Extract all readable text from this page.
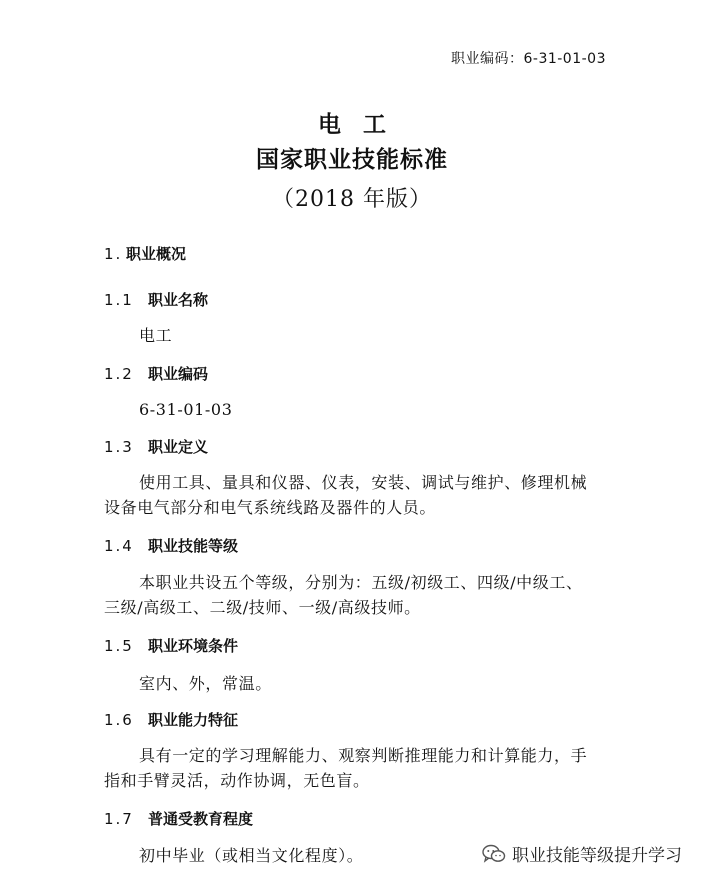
职业编码：6-31-01-03
电工
国家职业技能标准
（2018 年版）
1. 职业概况
1.1 职业名称
电工
1.2 职业编码
6-31-01-03
1.3 职业定义
使用工具、量具和仪器、仪表，安装、调试与维护、修理机械
设备电气部分和电气系统线路及器件的人员。
1.4 职业技能等级
本职业共设五个等级，分别为：五级/初级工、四级/中级工、
三级/高级工、二级/技师、一级/高级技师。
1.5 职业环境条件
室内、外，常温。
1.6 职业能力特征
具有一定的学习理解能力、观察判断推理能力和计算能力，手
指和手臂灵活，动作协调，无色盲。
1.7 普通受教育程度
初中毕业（或相当文化程度）。	职业技能等级提升学习
